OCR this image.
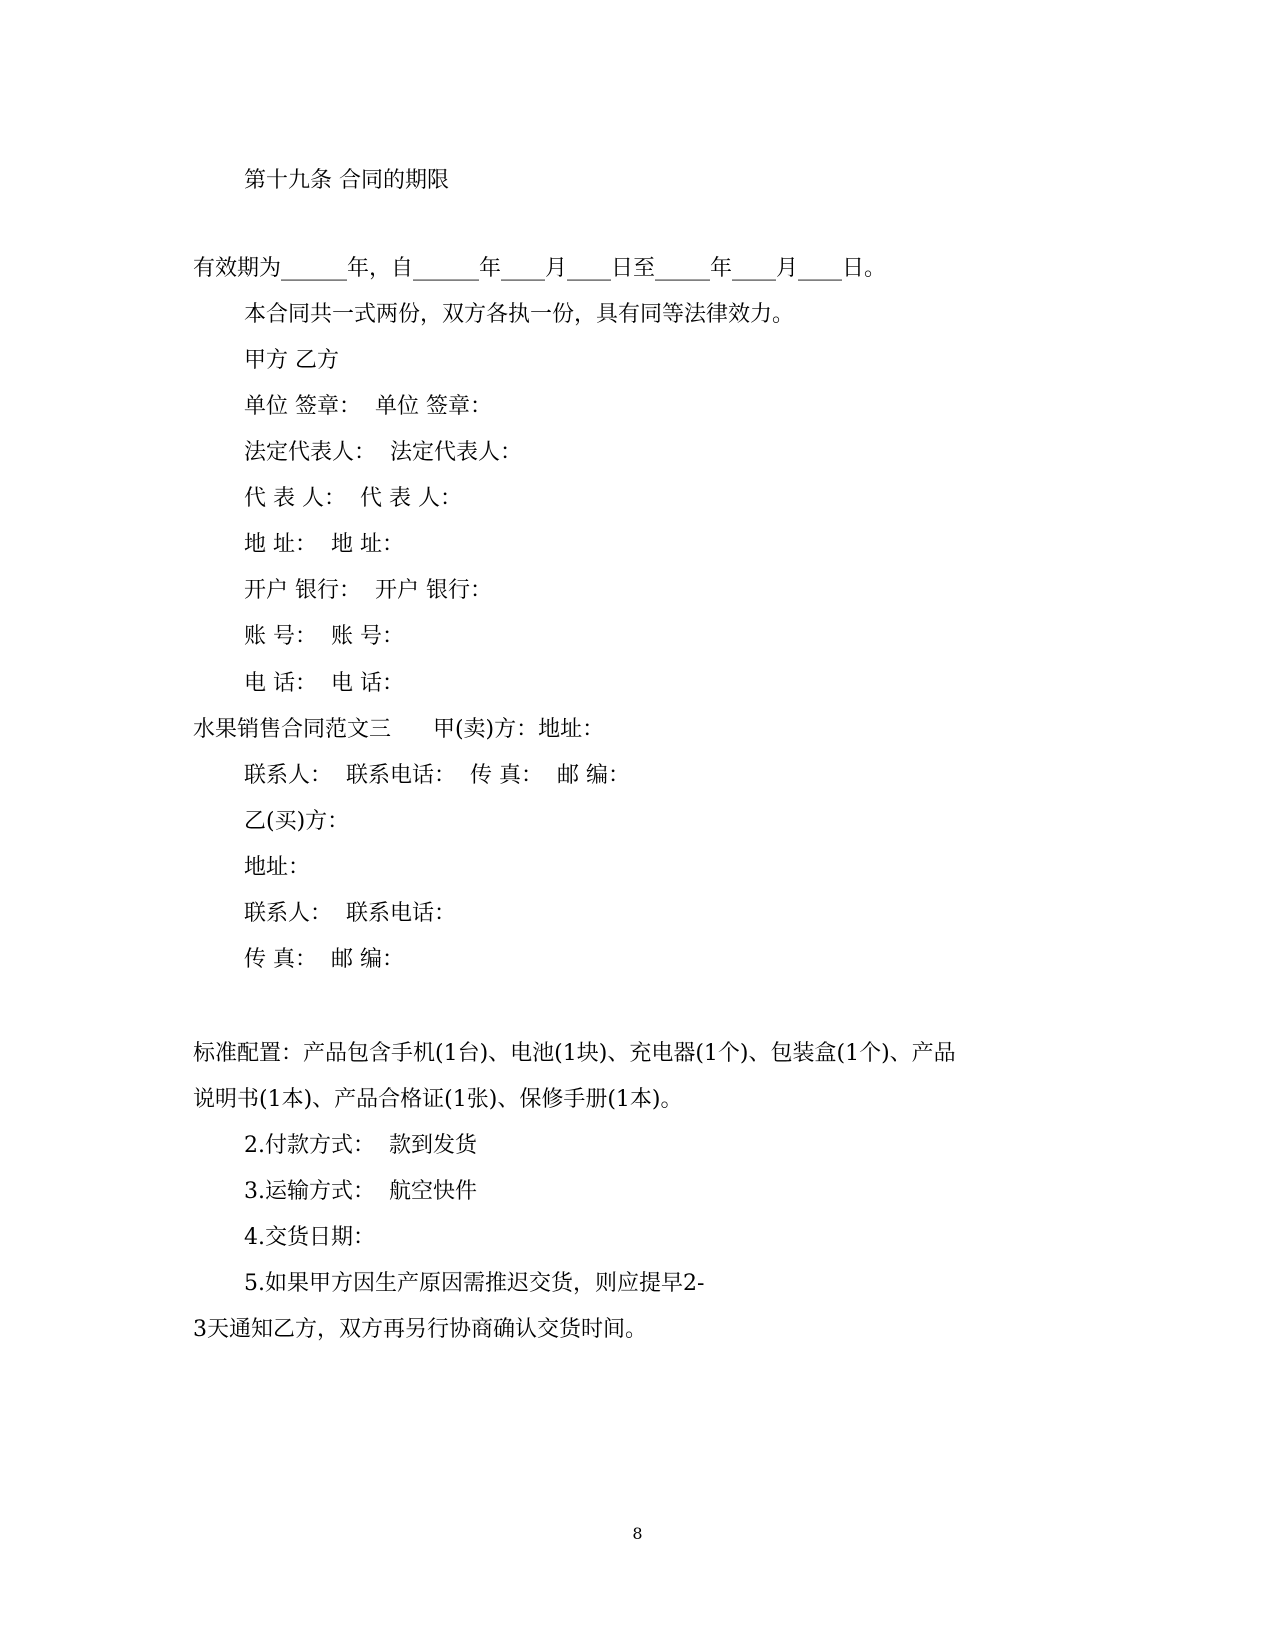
第十九条 合同的期限

有效期为______年，自______年____月____日至_____年____月____日。

本合同共一式两份，双方各执一份，具有同等法律效力。

甲方 乙方

单位 签章：  单位 签章：

法定代表人：  法定代表人：

代 表 人：  代 表 人：

地 址：  地 址：

开户 银行：  开户 银行：

账 号：  账 号：

电 话：  电 话：

水果销售合同范文三      甲(卖)方：地址：

联系人：  联系电话：  传 真：  邮 编：

乙(买)方：

地址：

联系人：  联系电话：

传 真：  邮 编：

标准配置：产品包含手机(1台)、电池(1块)、充电器(1个)、包装盒(1个)、产品

说明书(1本)、产品合格证(1张)、保修手册(1本)。

2.付款方式：  款到发货

3.运输方式：  航空快件

4.交货日期：

5.如果甲方因生产原因需推迟交货，则应提早2-

3天通知乙方，双方再另行协商确认交货时间。

8
